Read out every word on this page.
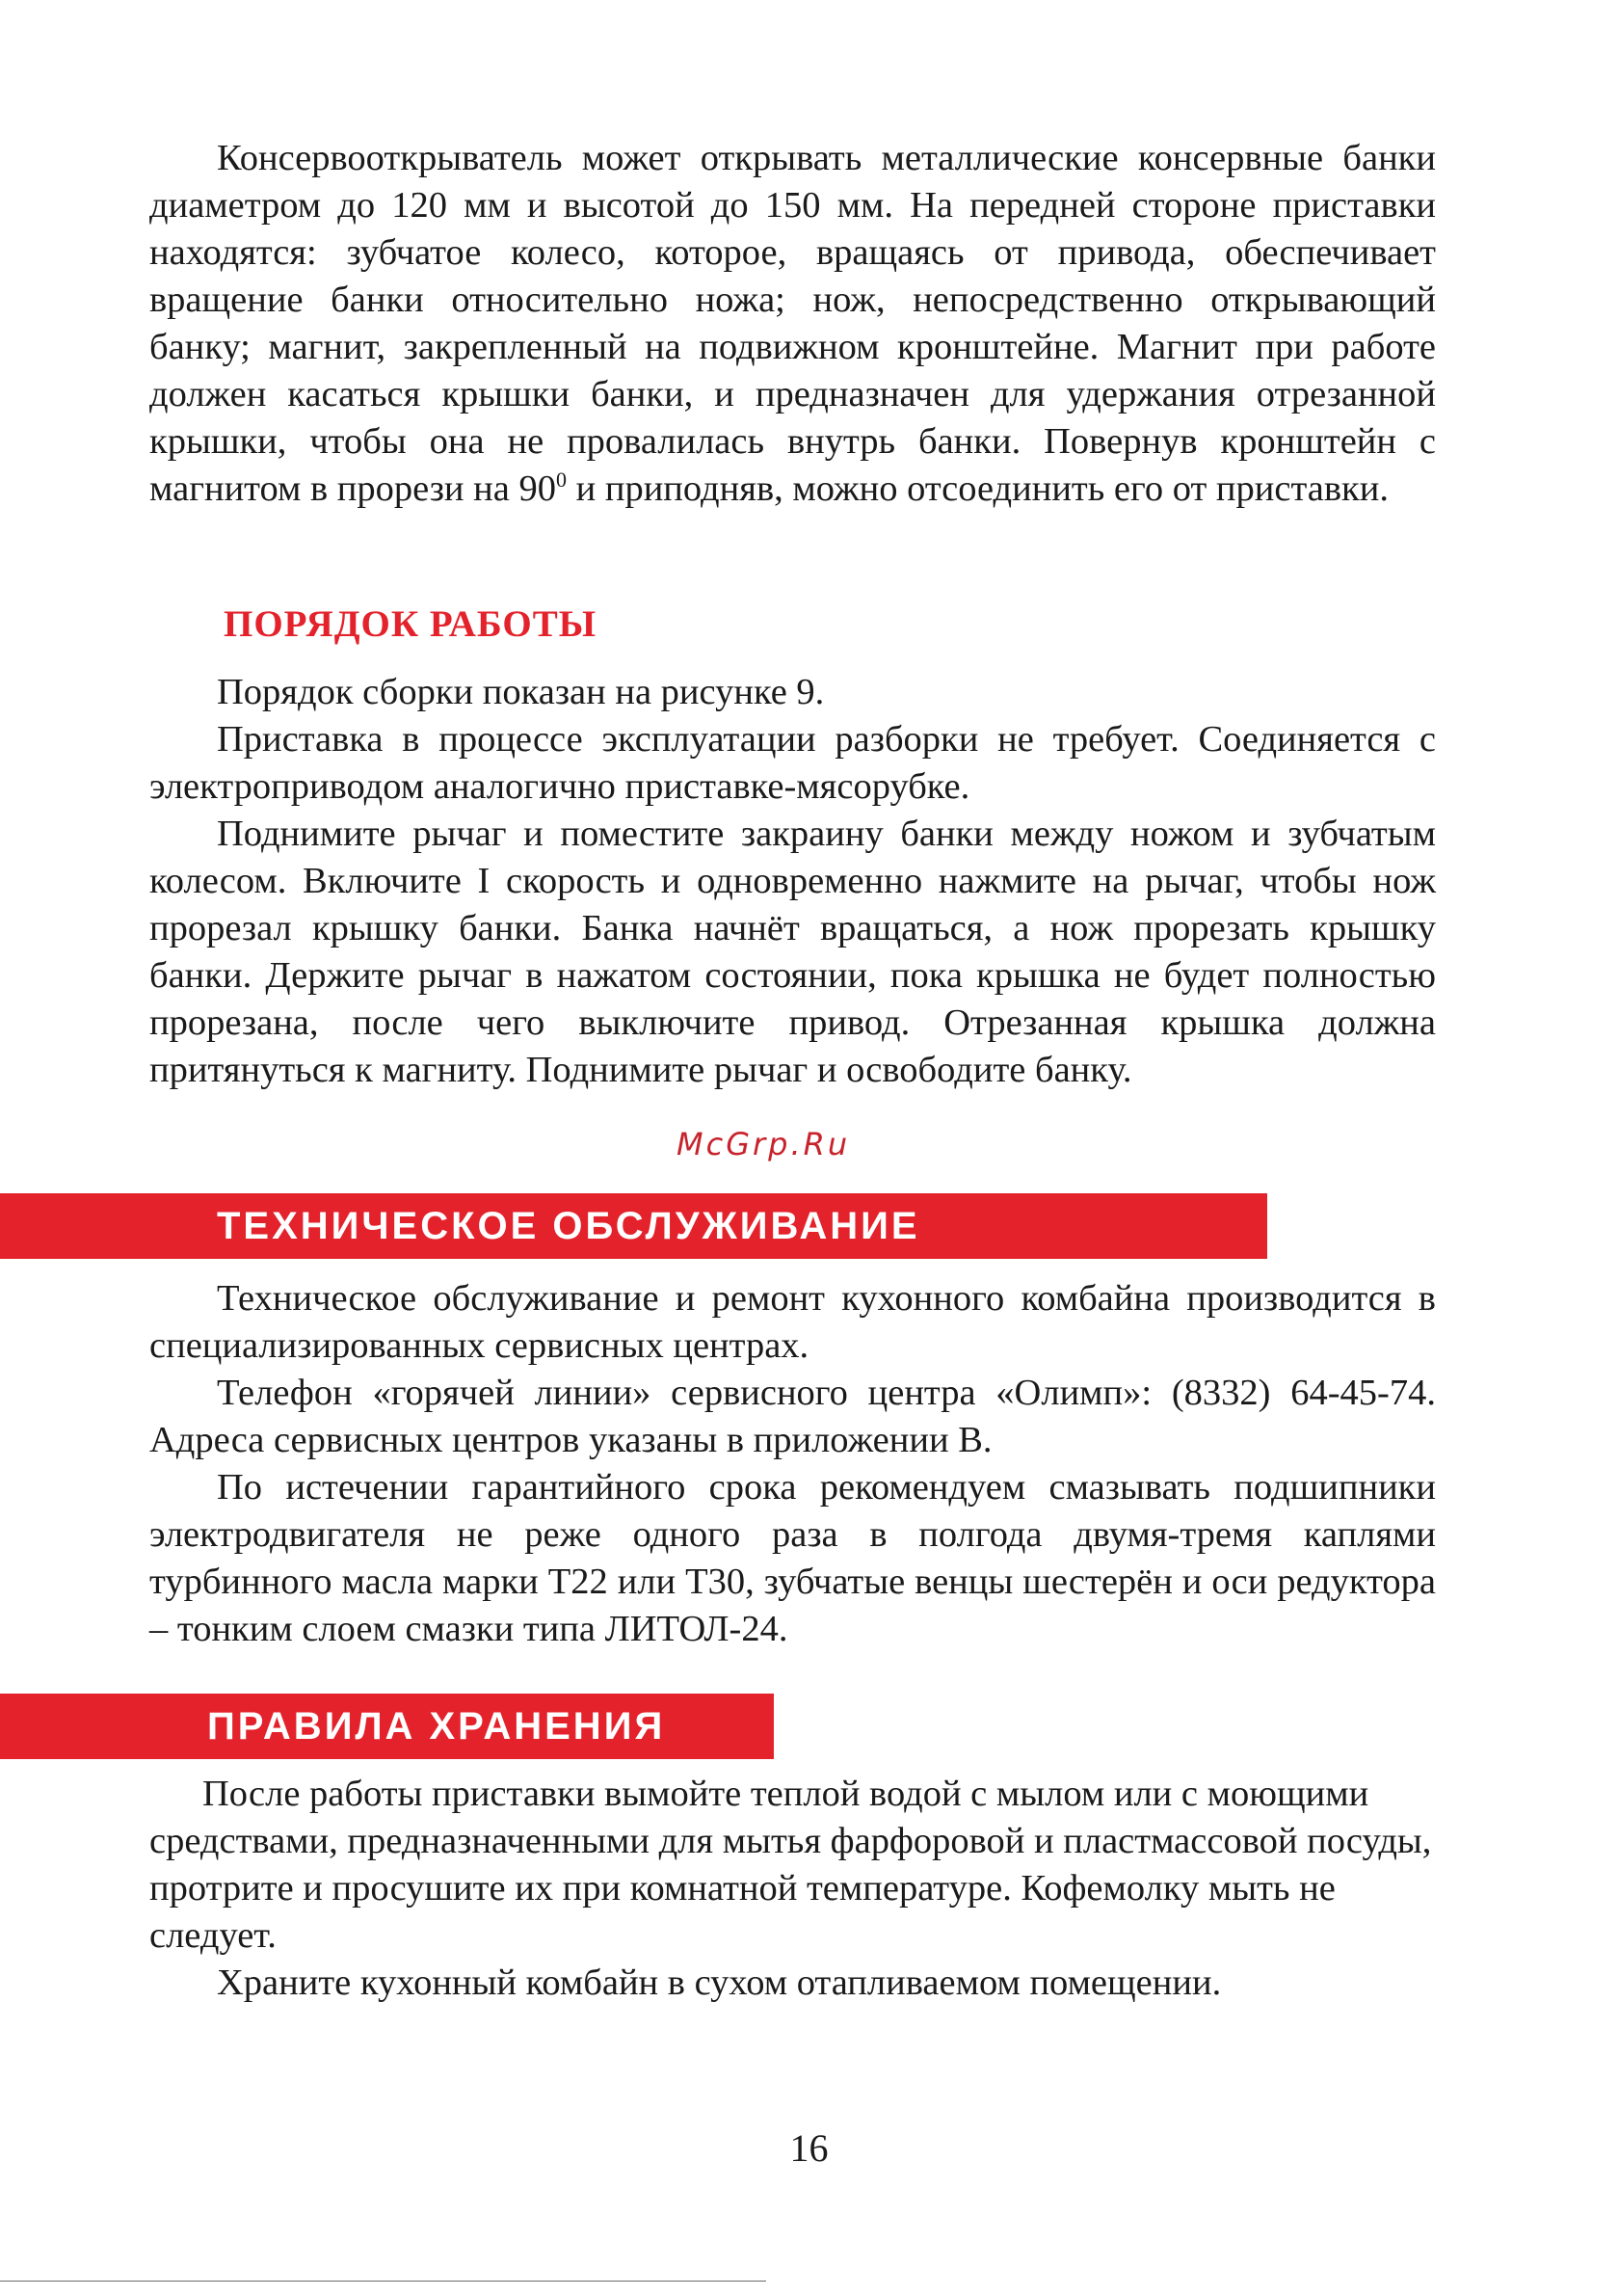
Консервооткрыватель может открывать металлические консервные банки диаметром до 120 мм и высотой до 150 мм. На передней стороне приставки находятся: зубчатое колесо, которое, вращаясь от привода, обеспечивает вращение банки относительно ножа; нож, непосредственно открывающий банку; магнит, закрепленный на подвижном кронштейне. Магнит при работе должен касаться крышки банки, и предназначен для удержания отрезанной крышки, чтобы она не провалилась внутрь банки. Повернув кронштейн с магнитом в прорези на $90^0$ и приподняв, можно отсоединить его от приставки.

ПОРЯДОК РАБОТЫ

Порядок сборки показан на рисунке 9.

Приставка в процессе эксплуатации разборки не требует. Соединяется с электроприводом аналогично приставке-мясорубке.

Поднимите рычаг и поместите закраину банки между ножом и зубчатым колесом. Включите I скорость и одновременно нажмите на рычаг, чтобы нож прорезал крышку банки. Банка начнёт вращаться, а нож прорезать крышку банки. Держите рычаг в нажатом состоянии, пока крышка не будет полностью прорезана, после чего выключите привод. Отрезанная крышка должна притянуться к магниту. Поднимите рычаг и освободите банку.

McGrp.Ru
ТЕХНИЧЕСКОЕ ОБСЛУЖИВАНИЕ

Техническое обслуживание и ремонт кухонного комбайна производится в специализированных сервисных центрах.

Телефон «горячей линии» сервисного центра «Олимп»: (8332) 64-45-74. Адреса сервисных центров указаны в приложении В.

По истечении гарантийного срока рекомендуем смазывать подшипники электродвигателя не реже одного раза в полгода двумя-тремя каплями турбинного масла марки Т22 или Т30, зубчатые венцы шестерён и оси редуктора – тонким слоем смазки типа ЛИТОЛ-24.

ПРАВИЛА ХРАНЕНИЯ

После работы приставки вымойте теплой водой с мылом или с моющими средствами, предназначенными для мытья фарфоровой и пластмассовой посуды, протрите и просушите их при комнатной температуре. Кофемолку мыть не следует.

Храните кухонный комбайн в сухом отапливаемом помещении.

16
